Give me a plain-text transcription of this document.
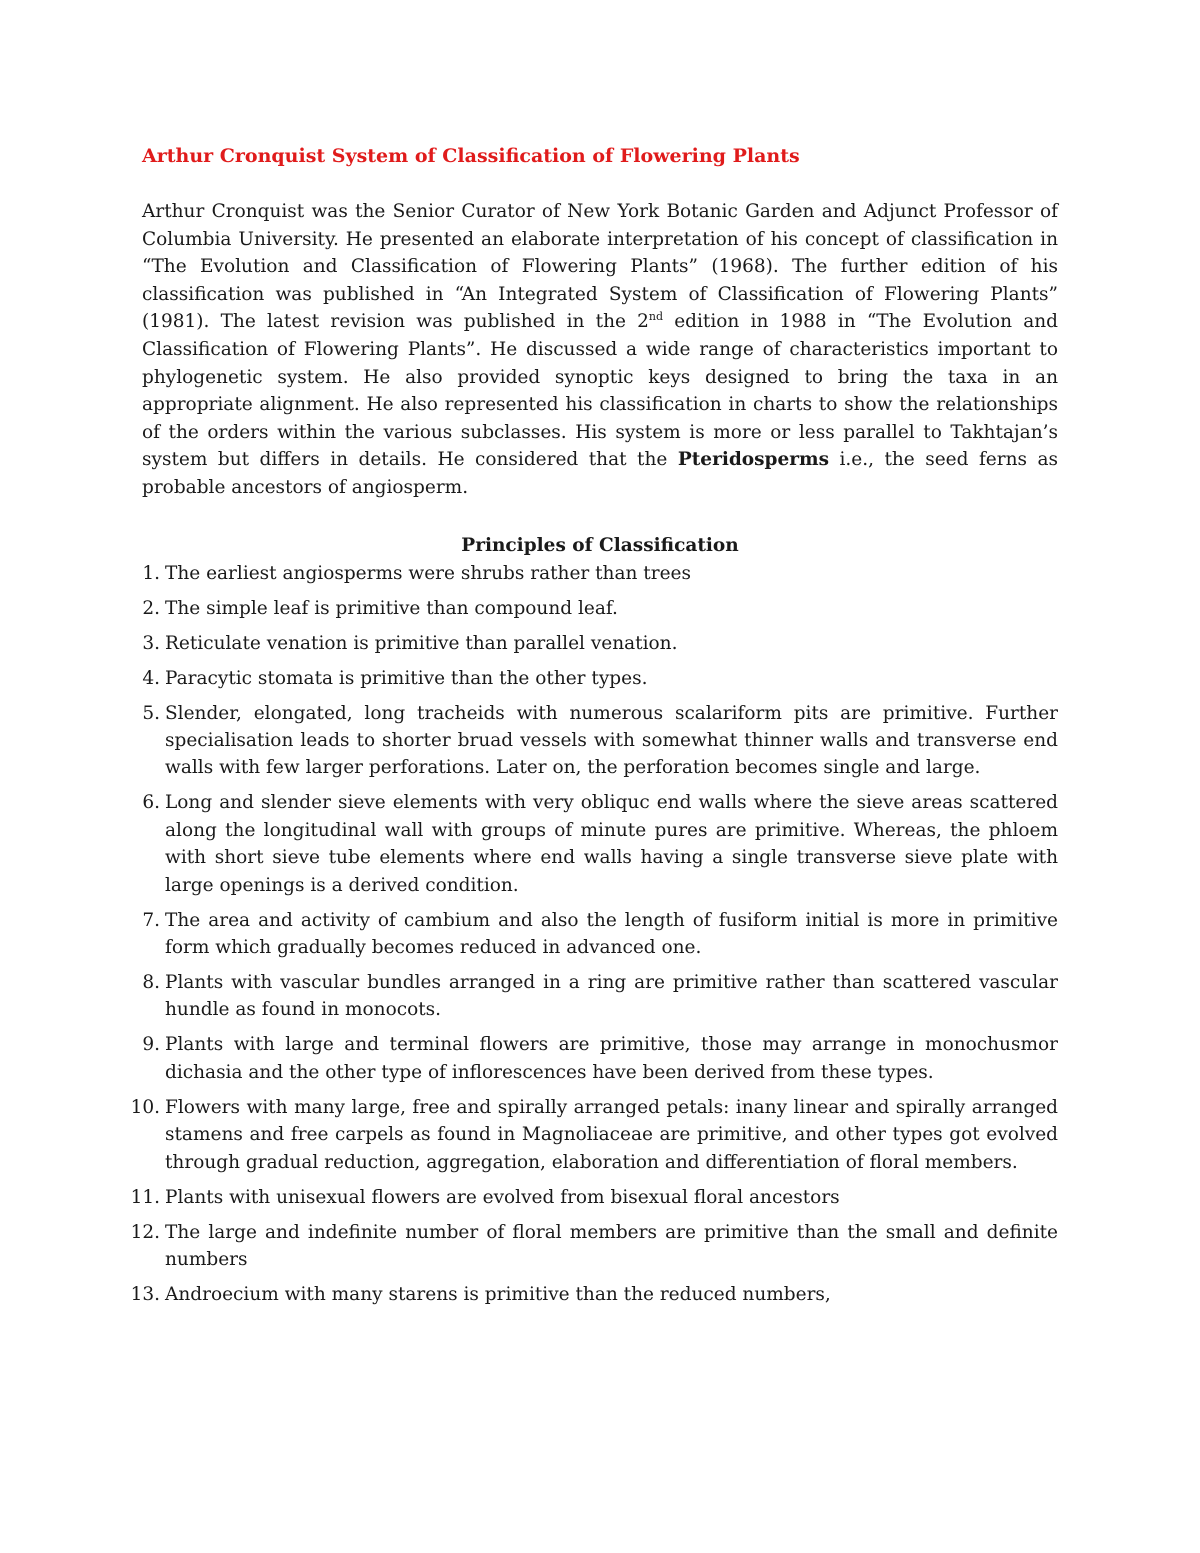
Arthur Cronquist System of Classification of Flowering Plants

Arthur Cronquist was the Senior Curator of New York Botanic Garden and Adjunct Professor of Columbia University. He presented an elaborate interpretation of his concept of classification in “The Evolution and Classification of Flowering Plants” (1968). The further edition of his classification was published in “An Integrated System of Classification of Flowering Plants” (1981). The latest revision was published in the 2nd edition in 1988 in “The Evolution and Classification of Flowering Plants”. He discussed a wide range of characteristics important to phylogenetic system. He also provided synoptic keys designed to bring the taxa in an appropriate alignment. He also represented his classification in charts to show the relationships of the orders within the various subclasses. His system is more or less parallel to Takhtajan’s system but differs in details. He considered that the Pteridosperms i.e., the seed ferns as probable ancestors of angiosperm.

Principles of Classification
1. The earliest angiosperms were shrubs rather than trees
2. The simple leaf is primitive than compound leaf.
3. Reticulate venation is primitive than parallel venation.
4. Paracytic stomata is primitive than the other types.
5. Slender, elongated, long tracheids with numerous scalariform pits are primitive. Further specialisation leads to shorter bruad vessels with somewhat thinner walls and transverse end walls with few larger perforations. Later on, the perforation becomes single and large.
6. Long and slender sieve elements with very obliquc end walls where the sieve areas scattered along the longitudinal wall with groups of minute pures are primitive. Whereas, the phloem with short sieve tube elements where end walls having a single transverse sieve plate with large openings is a derived condition.
7. The area and activity of cambium and also the length of fusiform initial is more in primitive form which gradually becomes reduced in advanced one.
8. Plants with vascular bundles arranged in a ring are primitive rather than scattered vascular hundle as found in monocots.
9. Plants with large and terminal flowers are primitive, those may arrange in monochusmor dichasia and the other type of inflorescences have been derived from these types.
10. Flowers with many large, free and spirally arranged petals: inany linear and spirally arranged stamens and free carpels as found in Magnoliaceae are primitive, and other types got evolved through gradual reduction, aggregation, elaboration and differentiation of floral members.
11. Plants with unisexual flowers are evolved from bisexual floral ancestors
12. The large and indefinite number of floral members are primitive than the small and definite numbers
13. Androecium with many starens is primitive than the reduced numbers,
